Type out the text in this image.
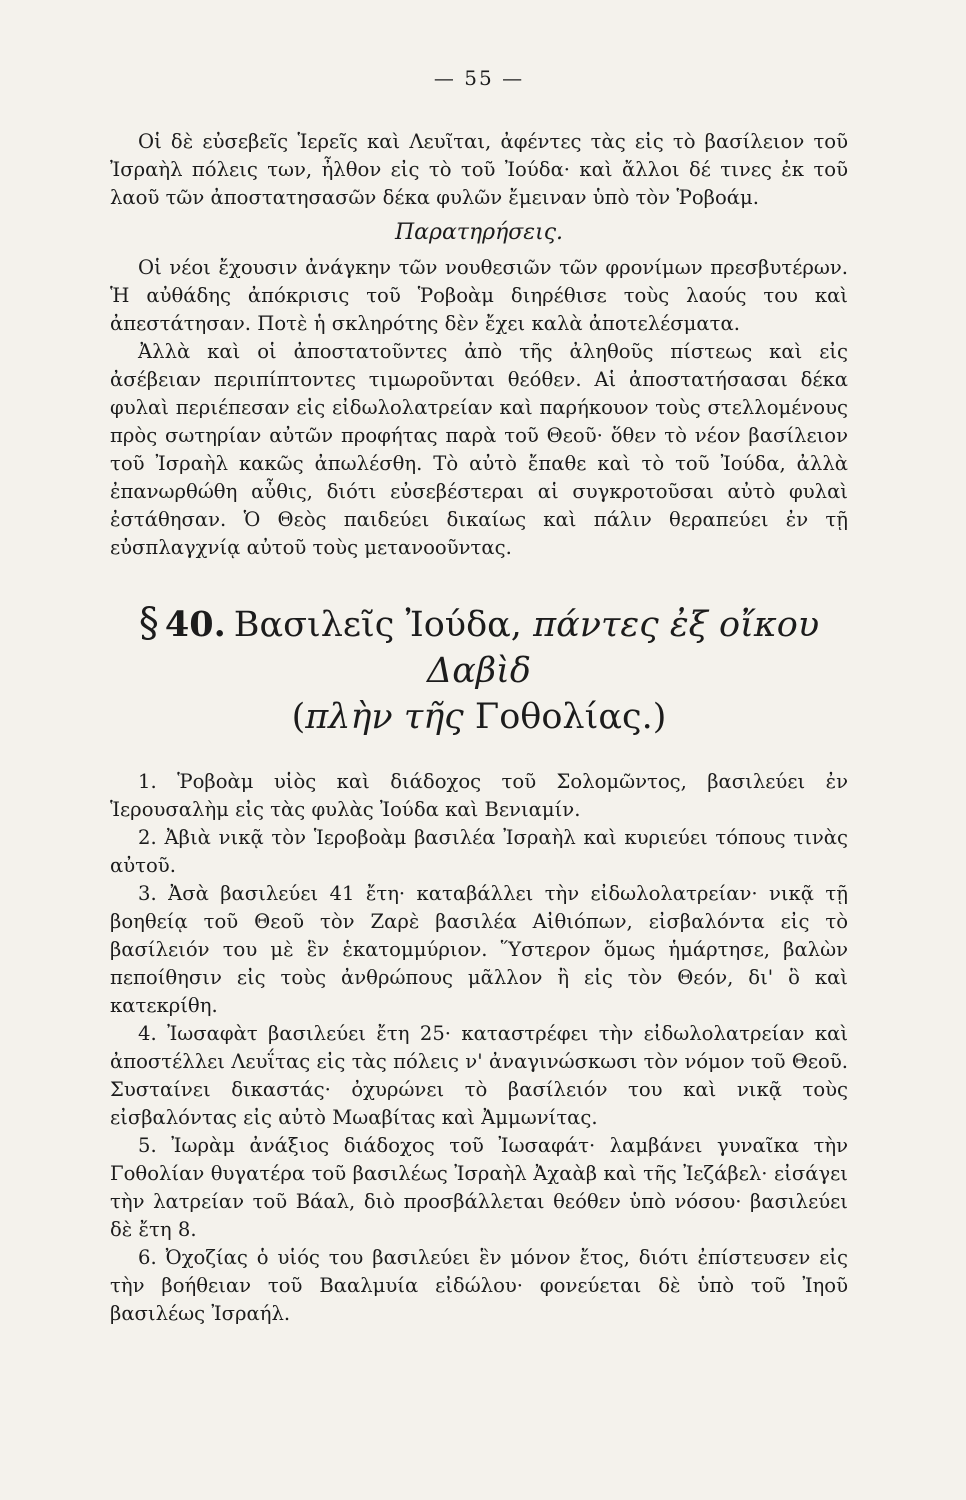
— 55 —

Οἱ δὲ εὐσεβεῖς Ἱερεῖς καὶ Λευῖται, ἀφέντες τὰς εἰς τὸ βασίλειον τοῦ Ἰσραὴλ πόλεις των, ἦλθον εἰς τὸ τοῦ Ἰούδα· καὶ ἄλλοι δέ τινες ἐκ τοῦ λαοῦ τῶν ἀποστατησασῶν δέκα φυλῶν ἔμειναν ὑπὸ τὸν Ῥοβοάμ.

Παρατηρήσεις.

Οἱ νέοι ἔχουσιν ἀνάγκην τῶν νουθεσιῶν τῶν φρονίμων πρεσβυτέρων. Ἡ αὐθάδης ἀπόκρισις τοῦ Ῥοβοὰμ διηρέθισε τοὺς λαούς του καὶ ἀπεστάτησαν. Ποτὲ ἡ σκληρότης δὲν ἔχει καλὰ ἀποτελέσματα.

Ἀλλὰ καὶ οἱ ἀποστατοῦντες ἀπὸ τῆς ἀληθοῦς πίστεως καὶ εἰς ἀσέβειαν περιπίπτοντες τιμωροῦνται θεόθεν. Αἱ ἀποστατήσασαι δέκα φυλαὶ περιέπεσαν εἰς εἰδωλολατρείαν καὶ παρήκουον τοὺς στελλομένους πρὸς σωτηρίαν αὐτῶν προφήτας παρὰ τοῦ Θεοῦ· ὅθεν τὸ νέον βασίλειον τοῦ Ἰσραὴλ κακῶς ἀπωλέσθη. Τὸ αὐτὸ ἔπαθε καὶ τὸ τοῦ Ἰούδα, ἀλλὰ ἐπανωρθώθη αὖθις, διότι εὐσεβέστεραι αἱ συγκροτοῦσαι αὐτὸ φυλαὶ ἐστάθησαν. Ὁ Θεὸς παιδεύει δικαίως καὶ πάλιν θεραπεύει ἐν τῇ εὐσπλαγχνίᾳ αὐτοῦ τοὺς μετανοοῦντας.

§ 40. Βασιλεῖς Ἰούδα, πάντες ἐξ οἴκου Δαβὶδ
(πλὴν τῆς Γοθολίας.)

1. Ῥοβοὰμ υἱὸς καὶ διάδοχος τοῦ Σολομῶντος, βασιλεύει ἐν Ἱερουσαλὴμ εἰς τὰς φυλὰς Ἰούδα καὶ Βενιαμίν.

2. Ἀβιὰ νικᾷ τὸν Ἱεροβοὰμ βασιλέα Ἰσραὴλ καὶ κυριεύει τόπους τινὰς αὐτοῦ.

3. Ἀσὰ βασιλεύει 41 ἔτη· καταβάλλει τὴν εἰδωλολατρείαν· νικᾷ τῇ βοηθείᾳ τοῦ Θεοῦ τὸν Ζαρὲ βασιλέα Αἰθιόπων, εἰσβαλόντα εἰς τὸ βασίλειόν του μὲ ἓν ἑκατομμύριον. Ὕστερον ὅμως ἡμάρτησε, βαλὼν πεποίθησιν εἰς τοὺς ἀνθρώπους μᾶλλον ἢ εἰς τὸν Θεόν, δι' ὃ καὶ κατεκρίθη.

4. Ἰωσαφὰτ βασιλεύει ἔτη 25· καταστρέφει τὴν εἰδωλολατρείαν καὶ ἀποστέλλει Λευΐτας εἰς τὰς πόλεις ν' ἀναγινώσκωσι τὸν νόμον τοῦ Θεοῦ. Συσταίνει δικαστάς· ὀχυρώνει τὸ βασίλειόν του καὶ νικᾷ τοὺς εἰσβαλόντας εἰς αὐτὸ Μωαβίτας καὶ Ἀμμωνίτας.

5. Ἰωρὰμ ἀνάξιος διάδοχος τοῦ Ἰωσαφάτ· λαμβάνει γυναῖκα τὴν Γοθολίαν θυγατέρα τοῦ βασιλέως Ἰσραὴλ Ἀχαὰβ καὶ τῆς Ἰεζάβελ· εἰσάγει τὴν λατρείαν τοῦ Βάαλ, διὸ προσβάλλεται θεόθεν ὑπὸ νόσου· βασιλεύει δὲ ἔτη 8.

6. Ὀχοζίας ὁ υἱός του βασιλεύει ἓν μόνον ἔτος, διότι ἐπίστευσεν εἰς τὴν βοήθειαν τοῦ Βααλμυία εἰδώλου· φονεύεται δὲ ὑπὸ τοῦ Ἰηοῦ βασιλέως Ἰσραήλ.
